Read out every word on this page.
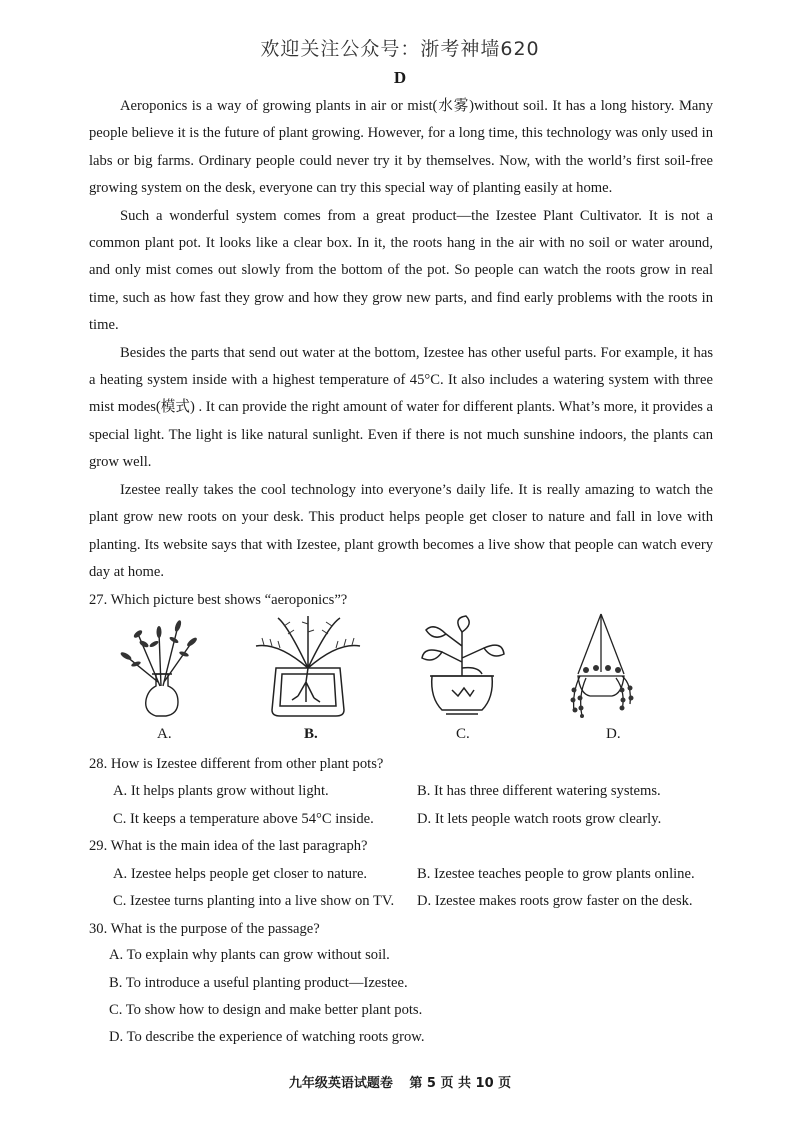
欢迎关注公众号：浙考神墙620
D

Aeroponics is a way of growing plants in air or mist(水雾)without soil. It has a long history. Many people believe it is the future of plant growing. However, for a long time, this technology was only used in labs or big farms. Ordinary people could never try it by themselves. Now, with the world’s first soil-free growing system on the desk, everyone can try this special way of planting easily at home.

Such a wonderful system comes from a great product—the Izestee Plant Cultivator. It is not a common plant pot. It looks like a clear box. In it, the roots hang in the air with no soil or water around, and only mist comes out slowly from the bottom of the pot. So people can watch the roots grow in real time, such as how fast they grow and how they grow new parts, and find early problems with the roots in time.

Besides the parts that send out water at the bottom, Izestee has other useful parts. For example, it has a heating system inside with a highest temperature of 45°C. It also includes a watering system with three mist modes(模式) . It can provide the right amount of water for different plants. What’s more, it provides a special light. The light is like natural sunlight. Even if there is not much sunshine indoors, the plants can grow well.

Izestee really takes the cool technology into everyone’s daily life. It is really amazing to watch the plant grow new roots on your desk. This product helps people get closer to nature and fall in love with planting. Its website says that with Izestee, plant growth becomes a live show that people can watch every day at home.

27. Which picture best shows “aeroponics”?
A.	B.	C.	D.
28. How is Izestee different from other plant pots?
A. It helps plants grow without light.	B. It has three different watering systems.
C. It keeps a temperature above 54°C inside.	D. It lets people watch roots grow clearly.
29. What is the main idea of the last paragraph?
A. Izestee helps people get closer to nature.	B. Izestee teaches people to grow plants online.
C. Izestee turns planting into a live show on TV. D. Izestee makes roots grow faster on the desk.
30. What is the purpose of the passage?
A. To explain why plants can grow without soil.
B. To introduce a useful planting product—Izestee.
C. To show how to design and make better plant pots.
D. To describe the experience of watching roots grow.
九年级英语试题卷 第 5 页 共 10 页
